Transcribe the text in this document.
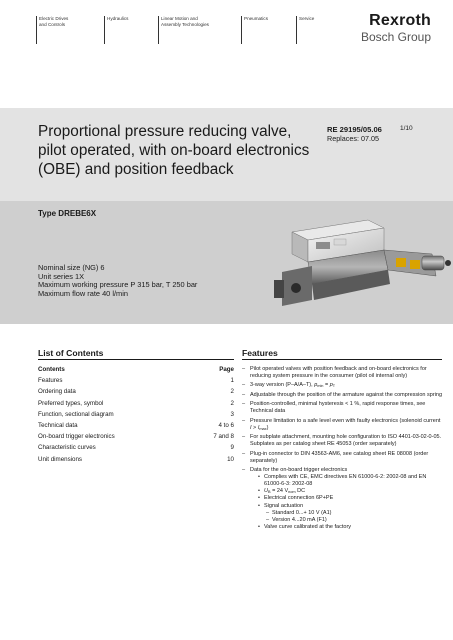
Electric Drives
and Controls
Hydraulics	Linear Motion and
Assembly Technologies
Pneumatics	Service	Rexroth
Bosch Group
Proportional pressure reducing valve, pilot operated, with on-board electronics (OBE) and position feedback
RE 29195/05.06
Replaces: 07.05
1/10
Type DREBE6X
Nominal size (NG) 6
Unit series 1X
Maximum working pressure P 315 bar, T 250 bar
Maximum flow rate 40 l/min
List of Contents
Contents	Page
Features	1
Ordering data	2
Preferred types, symbol	2
Function, sectional diagram	3
Technical data	4 to 6
On-board trigger electronics	7 and 8
Characteristic curves	9
Unit dimensions	10
Features
– Pilot operated valves with position feedback and on-board electronics for reducing system pressure in the consumer (pilot oil internal only)
– 3-way version (P–A/A–T), $p_{min} = p_T$
– Adjustable through the position of the armature against the compression spring
– Position-controlled, minimal hysteresis < 1 %, rapid response times, see Technical data
– Pressure limitation to a safe level even with faulty electronics (solenoid current $I > I_{max}$)
– For subplate attachment, mounting hole configuration to ISO 4401-03-02-0-05. Subplates as per catalog sheet RE 45053 (order separately)
– Plug-in connector to DIN 43563-AM6, see catalog sheet RE 08008 (order separately)
– Data for the on-board trigger electronics
• Complies with CE, EMC directives EN 61000-6-2: 2002-08 and EN 61000-6-3: 2002-08
• $U_B = 24$ $V_{nom}$ DC
• Electrical connection 6P+PE
• Signal actuation
– Standard 0...+ 10 V (A1)
– Version 4...20 mA (F1)
• Valve curve calibrated at the factory
